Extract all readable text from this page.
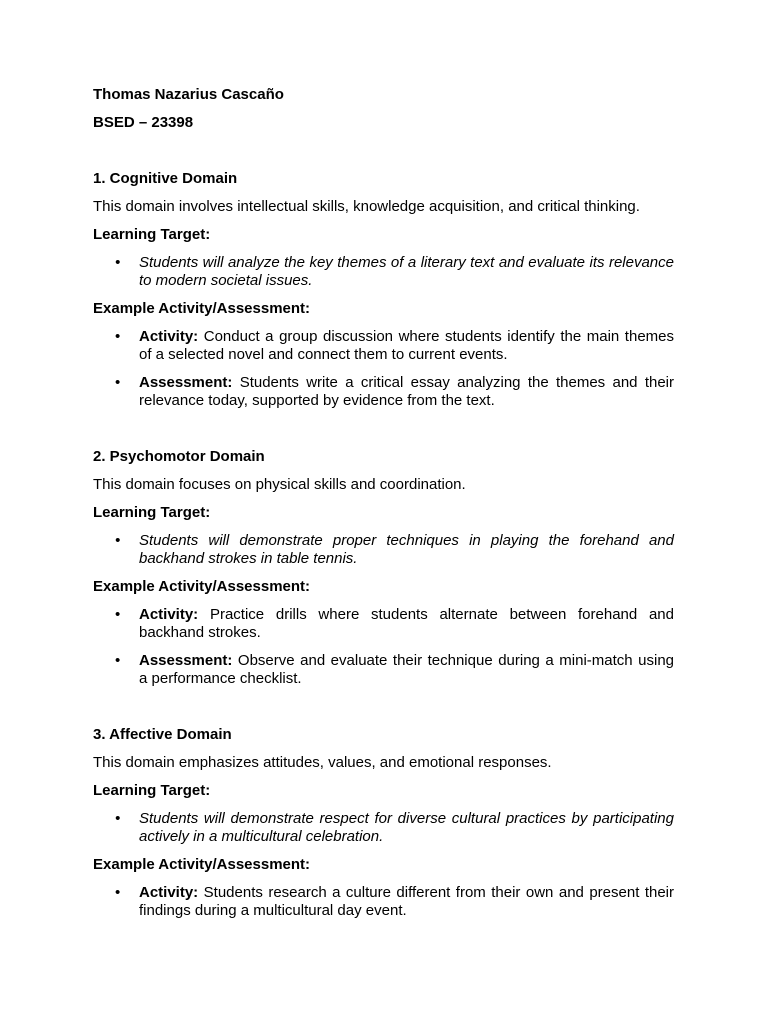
Thomas Nazarius Cascaño

BSED – 23398

1. Cognitive Domain

This domain involves intellectual skills, knowledge acquisition, and critical thinking.

Learning Target:

• Students will analyze the key themes of a literary text and evaluate its relevance to modern societal issues.

Example Activity/Assessment:

• Activity: Conduct a group discussion where students identify the main themes of a selected novel and connect them to current events.
• Assessment: Students write a critical essay analyzing the themes and their relevance today, supported by evidence from the text.

2. Psychomotor Domain

This domain focuses on physical skills and coordination.

Learning Target:

• Students will demonstrate proper techniques in playing the forehand and backhand strokes in table tennis.

Example Activity/Assessment:

• Activity: Practice drills where students alternate between forehand and backhand strokes.
• Assessment: Observe and evaluate their technique during a mini-match using a performance checklist.

3. Affective Domain

This domain emphasizes attitudes, values, and emotional responses.

Learning Target:

• Students will demonstrate respect for diverse cultural practices by participating actively in a multicultural celebration.

Example Activity/Assessment:

• Activity: Students research a culture different from their own and present their findings during a multicultural day event.
